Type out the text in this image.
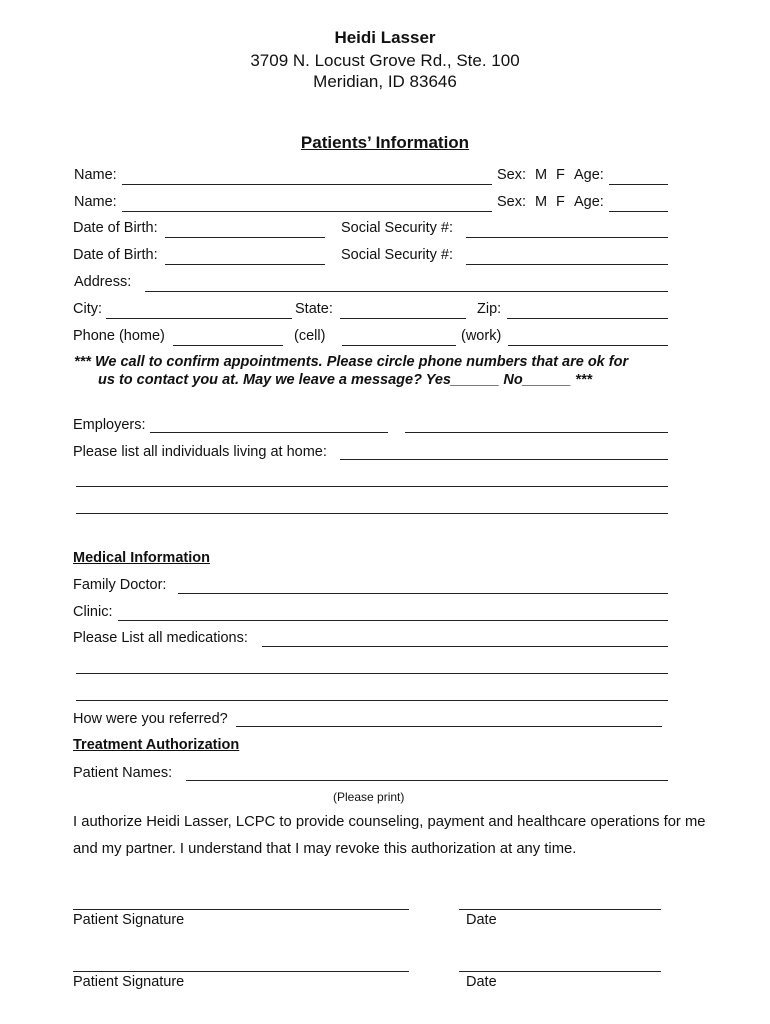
Heidi Lasser
3709 N. Locust Grove Rd., Ste. 100
Meridian, ID 83646
Patients’ Information
Name:	Sex: M F Age:
Name:	Sex: M F Age:
Date of Birth:	Social Security #:
Date of Birth:	Social Security #:
Address:
City:	State:	Zip:
Phone (home)	(cell)	(work)
*** We call to confirm appointments. Please circle phone numbers that are ok for
us to contact you at. May we leave a message? Yes______ No______ ***
Employers:
Please list all individuals living at home:
Medical Information
Family Doctor:
Clinic:
Please List all medications:
How were you referred?
Treatment Authorization
Patient Names:
(Please print)
I authorize Heidi Lasser, LCPC to provide counseling, payment and healthcare operations for me
and my partner. I understand that I may revoke this authorization at any time.
Patient Signature	Date
Patient Signature	Date
